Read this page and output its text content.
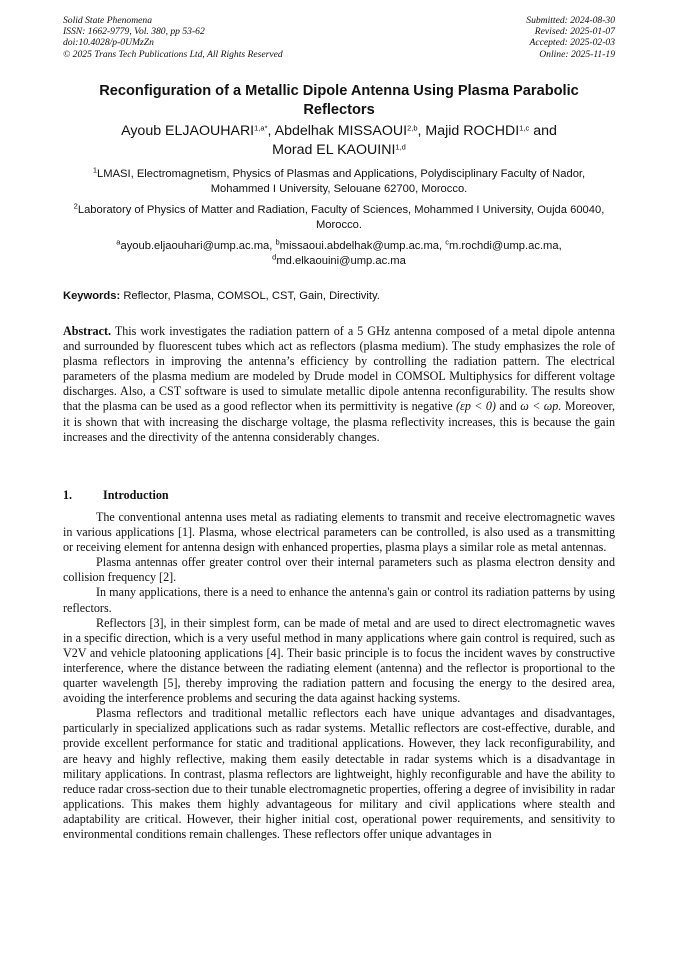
Solid State Phenomena
ISSN: 1662-9779, Vol. 380, pp 53-62
doi:10.4028/p-0UMzZn
© 2025 Trans Tech Publications Ltd, All Rights Reserved
Submitted: 2024-08-30
Revised: 2025-01-07
Accepted: 2025-02-03
Online: 2025-11-19
Reconfiguration of a Metallic Dipole Antenna Using Plasma Parabolic Reflectors
Ayoub $ELJAOUHARI^{1,a*}$, Abdelhak MISSAOUI$^{2,b}$, Majid ROCHDI$^{1,c}$ and
Morad EL KAOUINI$^{1,d}$
$^1$LMASI, Electromagnetism, Physics of Plasmas and Applications, Polydisciplinary Faculty of Nador, Mohammed I University, Selouane 62700, Morocco.
$^2$Laboratory of Physics of Matter and Radiation, Faculty of Sciences, Mohammed I University, Oujda 60040, Morocco.
$^a$ayoub.eljaouhari@ump.ac.ma, $^b$missaoui.abdelhak@ump.ac.ma, $^c$m.rochdi@ump.ac.ma,
$^d$md.elkaouini@ump.ac.ma
Keywords: Reflector, Plasma, COMSOL, CST, Gain, Directivity.
Abstract. This work investigates the radiation pattern of a 5 GHz antenna composed of a metal dipole antenna and surrounded by fluorescent tubes which act as reflectors (plasma medium). The study emphasizes the role of plasma reflectors in improving the antenna’s efficiency by controlling the radiation pattern. The electrical parameters of the plasma medium are modeled by Drude model in COMSOL Multiphysics for different voltage discharges. Also, a CST software is used to simulate metallic dipole antenna reconfigurability. The results show that the plasma can be used as a good reflector when its permittivity is negative (εp < 0) and ω < ωp. Moreover, it is shown that with increasing the discharge voltage, the plasma reflectivity increases, this is because the gain increases and the directivity of the antenna considerably changes.
1.	Introduction

The conventional antenna uses metal as radiating elements to transmit and receive electromagnetic waves in various applications [1]. Plasma, whose electrical parameters can be controlled, is also used as a transmitting or receiving element for antenna design with enhanced properties, plasma plays a similar role as metal antennas.

Plasma antennas offer greater control over their internal parameters such as plasma electron density and collision frequency [2].

In many applications, there is a need to enhance the antenna's gain or control its radiation patterns by using reflectors.

Reflectors [3], in their simplest form, can be made of metal and are used to direct electromagnetic waves in a specific direction, which is a very useful method in many applications where gain control is required, such as V2V and vehicle platooning applications [4]. Their basic principle is to focus the incident waves by constructive interference, where the distance between the radiating element (antenna) and the reflector is proportional to the quarter wavelength [5], thereby improving the radiation pattern and focusing the energy to the desired area, avoiding the interference problems and securing the data against hacking systems.

Plasma reflectors and traditional metallic reflectors each have unique advantages and disadvantages, particularly in specialized applications such as radar systems. Metallic reflectors are cost-effective, durable, and provide excellent performance for static and traditional applications. However, they lack reconfigurability, and are heavy and highly reflective, making them easily detectable in radar systems which is a disadvantage in military applications. In contrast, plasma reflectors are lightweight, highly reconfigurable and have the ability to reduce radar cross-section due to their tunable electromagnetic properties, offering a degree of invisibility in radar applications. This makes them highly advantageous for military and civil applications where stealth and adaptability are critical. However, their higher initial cost, operational power requirements, and sensitivity to environmental conditions remain challenges. These reflectors offer unique advantages in
